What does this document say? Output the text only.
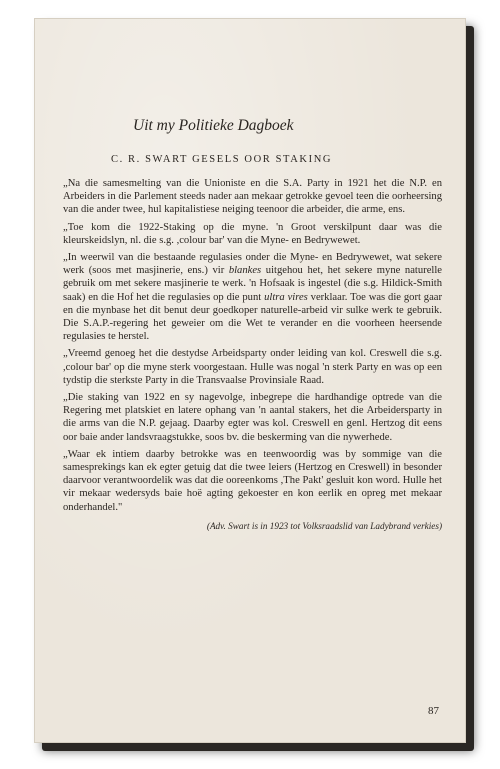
Uit my Politieke Dagboek
C. R. SWART GESELS OOR STAKING

„Na die samesmelting van die Unioniste en die S.A. Party in 1921 het die N.P. en Arbeiders in die Parlement steeds nader aan mekaar getrokke gevoel teen die oorheersing van die ander twee, hul kapitalistiese neiging teenoor die arbeider, die arme, ens.

„Toe kom die 1922-Staking op die myne. 'n Groot verskilpunt daar was die kleurskeidslyn, nl. die s.g. ,colour bar' van die Myne- en Bedrywewet.

„In weerwil van die bestaande regulasies onder die Myne- en Bedrywewet, wat sekere werk (soos met masjinerie, ens.) vir blankes uitgehou het, het sekere myne naturelle gebruik om met sekere masjinerie te werk. 'n Hofsaak is ingestel (die s.g. Hildick-Smith saak) en die Hof het die regulasies op die punt ultra vires verklaar. Toe was die gort gaar en die mynbase het dit benut deur goedkoper naturelle-arbeid vir sulke werk te gebruik. Die S.A.P.-regering het geweier om die Wet te verander en die voorheen heersende regulasies te herstel.

„Vreemd genoeg het die destydse Arbeidsparty onder leiding van kol. Creswell die s.g. ,colour bar' op die myne sterk voorgestaan. Hulle was nogal 'n sterk Party en was op een tydstip die sterkste Party in die Transvaalse Provinsiale Raad.

„Die staking van 1922 en sy nagevolge, inbegrepe die hardhandige optrede van die Regering met platskiet en latere ophang van 'n aantal stakers, het die Arbeidersparty in die arms van die N.P. gejaag. Daarby egter was kol. Creswell en genl. Hertzog dit eens oor baie ander landsvraagstukke, soos bv. die beskerming van die nywerhede.

„Waar ek intiem daarby betrokke was en teenwoordig was by sommige van die samesprekings kan ek egter getuig dat die twee leiers (Hertzog en Creswell) in besonder daarvoor verantwoordelik was dat die ooreenkoms ,The Pakt' gesluit kon word. Hulle het vir mekaar wedersyds baie hoë agting gekoester en kon eerlik en opreg met mekaar onderhandel."

(Adv. Swart is in 1923 tot Volksraadslid van Ladybrand verkies)
87
